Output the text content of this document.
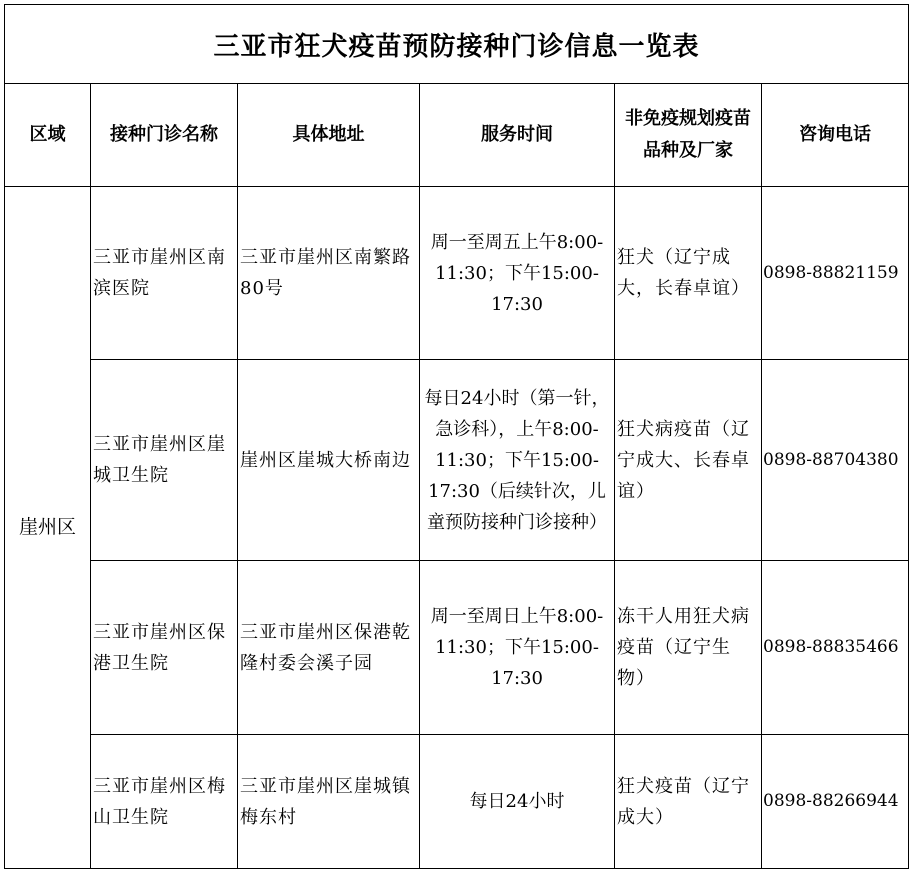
三亚市狂犬疫苗预防接种门诊信息一览表					
区域	接种门诊名称	具体地址	服务时间	非免疫规划疫苗品种及厂家	咨询电话
崖州区	三亚市崖州区南滨医院	三亚市崖州区南繁路80号	周一至周五上午8:00-11:30；下午15:00-17:30	狂犬（辽宁成大，长春卓谊）	0898-88821159
	三亚市崖州区崖城卫生院	崖州区崖城大桥南边	每日24小时（第一针，急诊科），上午8:00-11:30；下午15:00-17:30（后续针次，儿童预防接种门诊接种）	狂犬病疫苗（辽宁成大、长春卓谊）	0898-88704380
	三亚市崖州区保港卫生院	三亚市崖州区保港乾隆村委会溪子园	周一至周日上午8:00-11:30；下午15:00-17:30	冻干人用狂犬病疫苗（辽宁生物）	0898-88835466
	三亚市崖州区梅山卫生院	三亚市崖州区崖城镇梅东村	每日24小时	狂犬疫苗（辽宁成大）	0898-88266944
